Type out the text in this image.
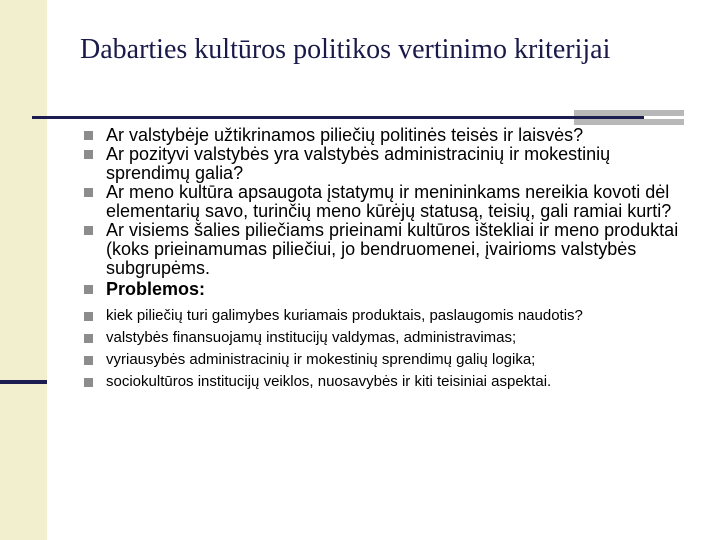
Dabarties kultūros politikos vertinimo kriterijai
Ar valstybėje užtikrinamos piliečių politinės teisės ir laisvės?
Ar pozityvi valstybės yra valstybės administracinių ir mokestinių sprendimų galia?
Ar meno kultūra apsaugota įstatymų ir menininkams nereikia kovoti dėl elementarių savo, turinčių meno kūrėjų statusą, teisių, gali ramiai kurti?
Ar visiems šalies piliečiams prieinami kultūros ištekliai ir meno produktai (koks prieinamumas piliečiui, jo bendruomenei, įvairioms valstybės subgrupėms.
Problemos:
kiek piliečių turi galimybes kuriamais produktais, paslaugomis naudotis?
valstybės finansuojamų institucijų valdymas, administravimas;
vyriausybės administracinių ir mokestinių sprendimų galių logika;
sociokultūros institucijų veiklos, nuosavybės ir kiti teisiniai aspektai.
